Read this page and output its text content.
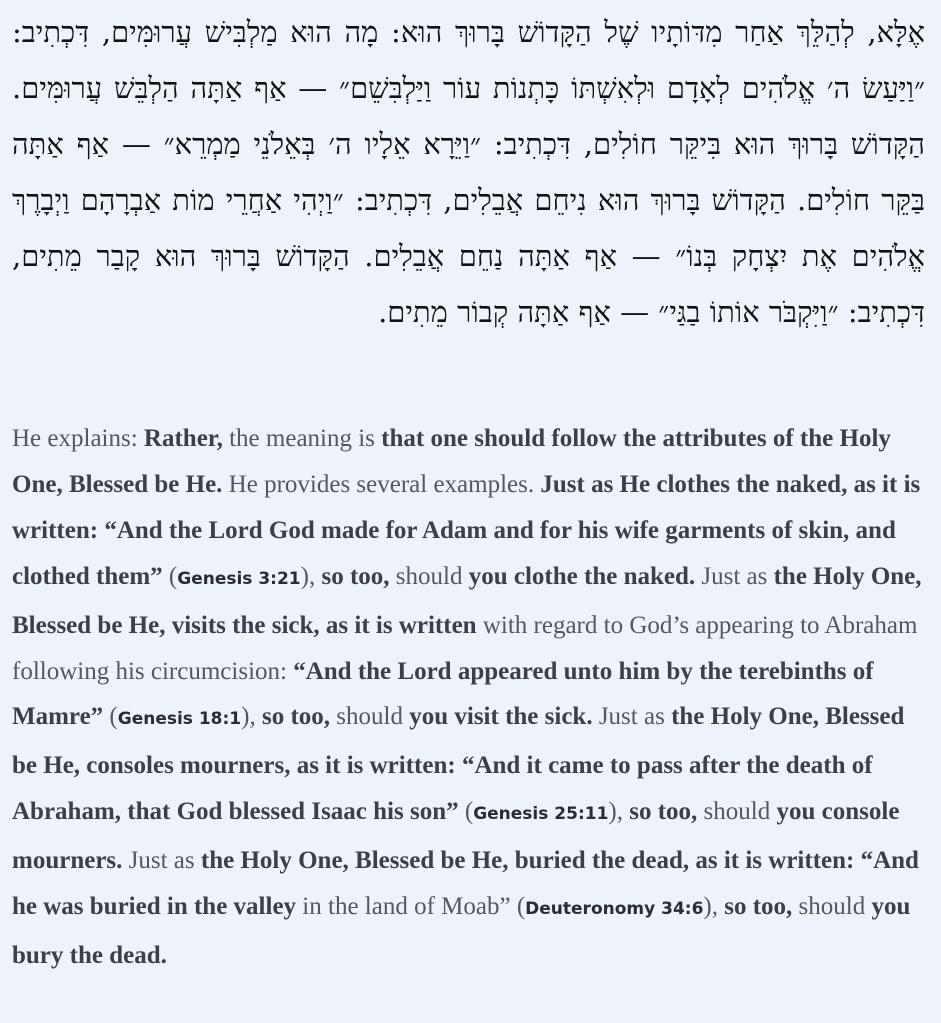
אֶלָּא, לְהַלֵּךְ אַחַר מִדּוֹתָיו שֶׁל הַקָּדוֹשׁ בָּרוּךְ הוּא: מָה הוּא מַלְבִּישׁ עֲרוּמִּים, דִּכְתִיב: ״וַיַּעַשׂ ה׳ אֱלֹהִים לְאָדָם וּלְאִשְׁתּוֹ כָּתְנוֹת עוֹר וַיַּלְבִּשֵׁם״ — אַף אַתָּה הַלְבֵּשׁ עֲרוּמִּים. הַקָּדוֹשׁ בָּרוּךְ הוּא בִּיקֵּר חוֹלִים, דִּכְתִיב: ״וַיֵּרָא אֵלָיו ה׳ בְּאֵלֹנֵי מַמְרֵא״ — אַף אַתָּה בַּקֵּר חוֹלִים. הַקָּדוֹשׁ בָּרוּךְ הוּא נִיחֵם אֲבֵלִים, דִּכְתִיב: ״וַיְהִי אַחֲרֵי מוֹת אַבְרָהָם וַיְבָרֶךְ אֱלֹהִים אֶת יִצְחָק בְּנוֹ״ — אַף אַתָּה נַחֵם אֲבֵלִים. הַקָּדוֹשׁ בָּרוּךְ הוּא קָבַר מֵתִים, דִּכְתִיב: ״וַיִּקְבֹּר אוֹתוֹ בַגַּי״ — אַף אַתָּה קְבוֹר מֵתִים.
He explains: Rather, the meaning is that one should follow the attributes of the Holy One, Blessed be He. He provides several examples. Just as He clothes the naked, as it is written: “And the Lord God made for Adam and for his wife garments of skin, and clothed them” (Genesis 3:21), so too, should you clothe the naked. Just as the Holy One, Blessed be He, visits the sick, as it is written with regard to God’s appearing to Abraham following his circumcision: “And the Lord appeared unto him by the terebinths of Mamre” (Genesis 18:1), so too, should you visit the sick. Just as the Holy One, Blessed be He, consoles mourners, as it is written: “And it came to pass after the death of Abraham, that God blessed Isaac his son” (Genesis 25:11), so too, should you console mourners. Just as the Holy One, Blessed be He, buried the dead, as it is written: “And he was buried in the valley in the land of Moab” (Deuteronomy 34:6), so too, should you bury the dead.
